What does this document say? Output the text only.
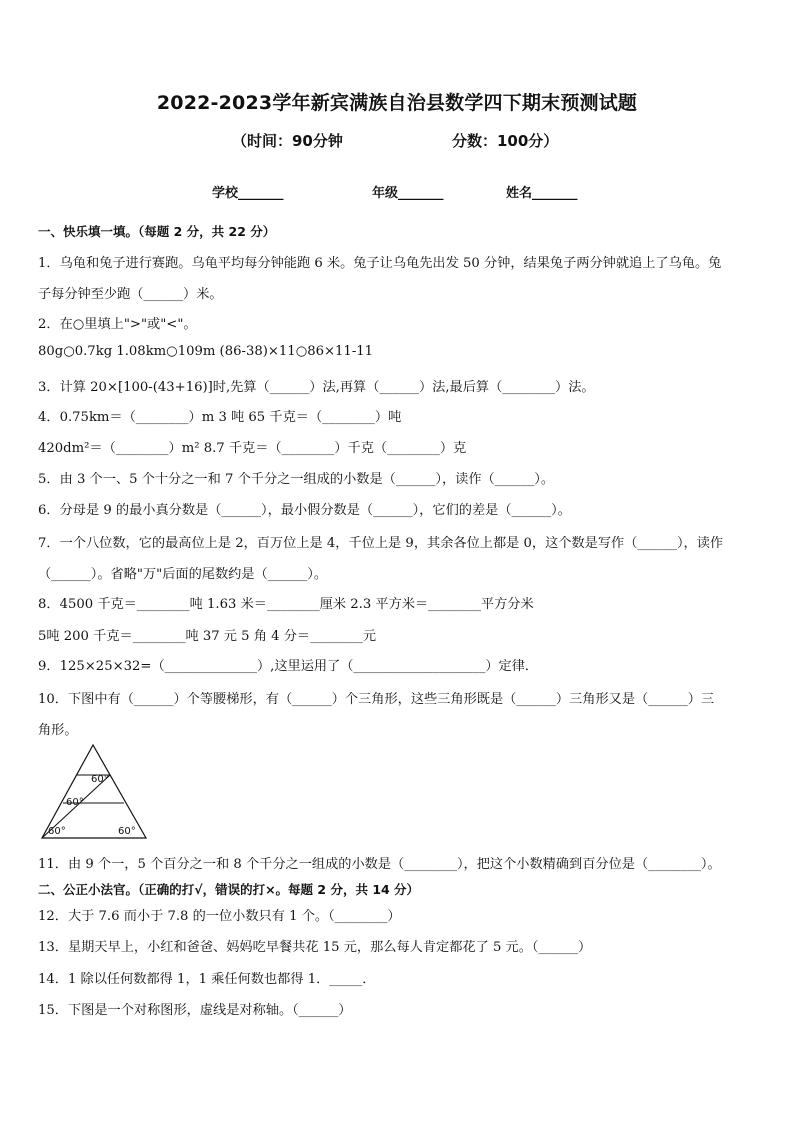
2022-2023学年新宾满族自治县数学四下期末预测试题
（时间：90分钟	分数：100分）
学校_______	年级_______	姓名_______
一、快乐填一填。（每题 2 分，共 22 分）
1．乌龟和兔子进行赛跑。乌龟平均每分钟能跑 6 米。兔子让乌龟先出发 50 分钟，结果兔子两分钟就追上了乌龟。兔
子每分钟至少跑（______）米。
2．在○里填上">"或"<"。
80g○0.7kg 1.08km○109m (86-38)×11○86×11-11
3．计算 20×[100-(43+16)]时,先算（______）法,再算（______）法,最后算（________）法。
4．0.75km＝（________）m 3 吨 65 千克＝（________）吨
420dm²＝（________）m² 8.7 千克＝（________）千克（________）克
5．由 3 个一、5 个十分之一和 7 个千分之一组成的小数是（______），读作（______）。
6．分母是 9 的最小真分数是（______），最小假分数是（______），它们的差是（______）。
7．一个八位数，它的最高位上是 2，百万位上是 4，千位上是 9，其余各位上都是 0，这个数是写作（______），读作
（______）。省略"万"后面的尾数约是（______）。
8．4500 千克＝________吨 1.63 米＝________厘米 2.3 平方米＝________平方分米
5吨 200 千克＝________吨 37 元 5 角 4 分＝________元
9．125×25×32=（______________）,这里运用了（____________________）定律．
10．下图中有（______）个等腰梯形，有（______）个三角形，这些三角形既是（______）三角形又是（______）三
角形。
60°
60°
60°	60°
11．由 9 个一，5 个百分之一和 8 个千分之一组成的小数是（________），把这个小数精确到百分位是（________）。
二、公正小法官。（正确的打√，错误的打×。每题 2 分，共 14 分）
12．大于 7.6 而小于 7.8 的一位小数只有 1 个。（________）
13．星期天早上，小红和爸爸、妈妈吃早餐共花 15 元，那么每人肯定都花了 5 元。（______）
14．1 除以任何数都得 1，1 乘任何数也都得 1．_____．
15．下图是一个对称图形，虚线是对称轴。（______）
